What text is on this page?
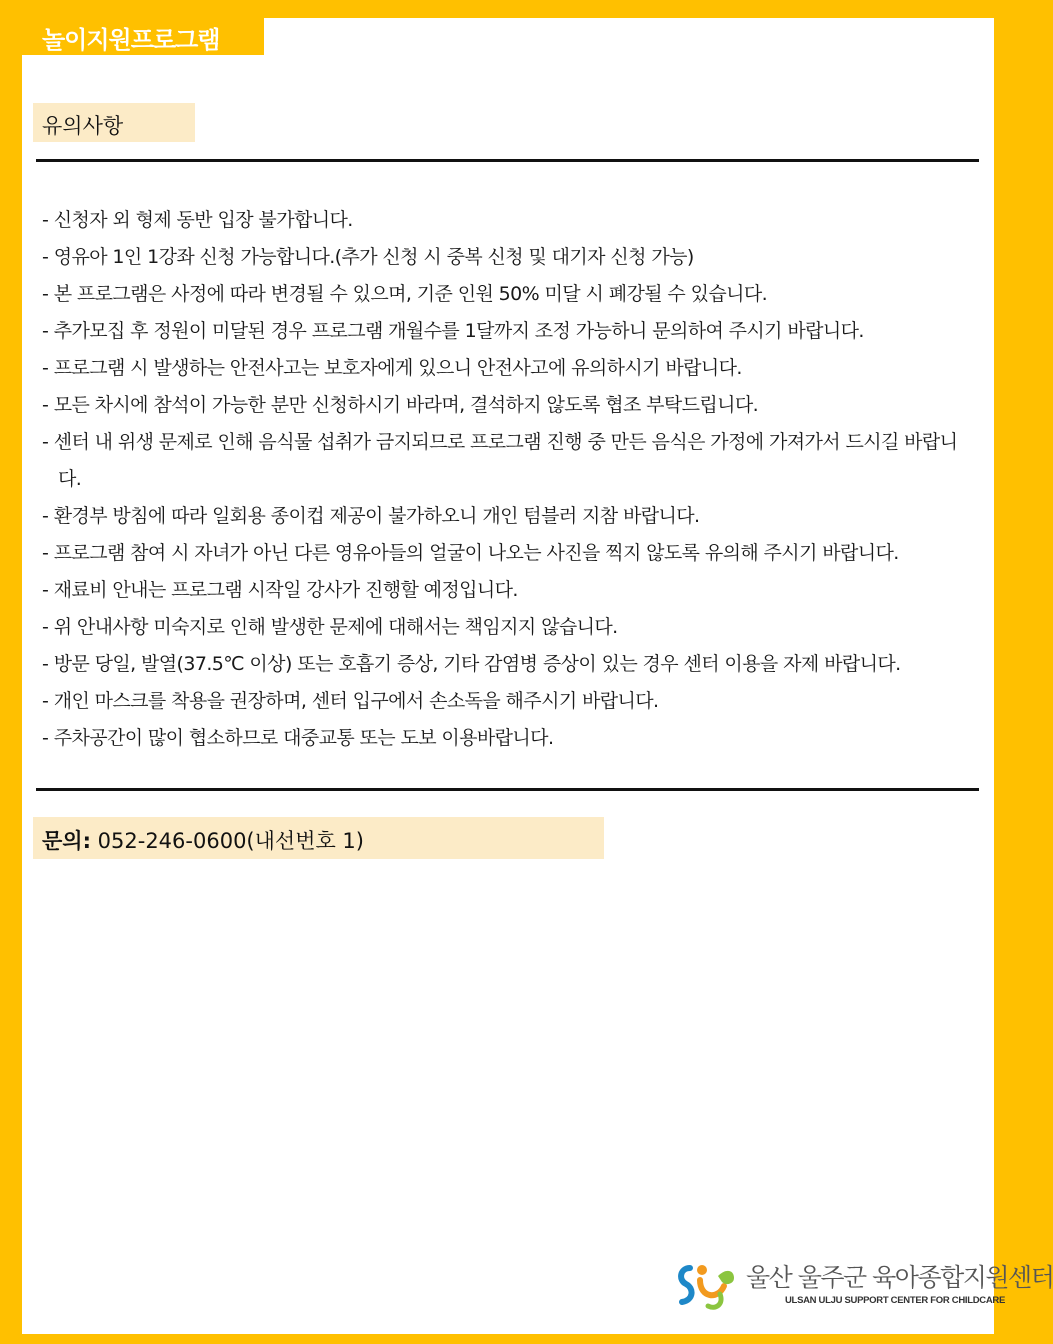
놀이지원프로그램
유의사항
- 신청자 외 형제 동반 입장 불가합니다.
- 영유아 1인 1강좌 신청 가능합니다.(추가 신청 시 중복 신청 및 대기자 신청 가능)
- 본 프로그램은 사정에 따라 변경될 수 있으며, 기준 인원 50% 미달 시 폐강될 수 있습니다.
- 추가모집 후 정원이 미달된 경우 프로그램 개월수를 1달까지 조정 가능하니 문의하여 주시기 바랍니다.
- 프로그램 시 발생하는 안전사고는 보호자에게 있으니 안전사고에 유의하시기 바랍니다.
- 모든 차시에 참석이 가능한 분만 신청하시기 바라며, 결석하지 않도록 협조 부탁드립니다.
- 센터 내 위생 문제로 인해 음식물 섭취가 금지되므로 프로그램 진행 중 만든 음식은 가정에 가져가서 드시길 바랍니다.
- 환경부 방침에 따라 일회용 종이컵 제공이 불가하오니 개인 텀블러 지참 바랍니다.
- 프로그램 참여 시 자녀가 아닌 다른 영유아들의 얼굴이 나오는 사진을 찍지 않도록 유의해 주시기 바랍니다.
- 재료비 안내는 프로그램 시작일 강사가 진행할 예정입니다.
- 위 안내사항 미숙지로 인해 발생한 문제에 대해서는 책임지지 않습니다.
- 방문 당일, 발열(37.5℃ 이상) 또는 호흡기 증상, 기타 감염병 증상이 있는 경우 센터 이용을 자제 바랍니다.
- 개인 마스크를 착용을 권장하며, 센터 입구에서 손소독을 해주시기 바랍니다.
- 주차공간이 많이 협소하므로 대중교통 또는 도보 이용바랍니다.
문의: 052-246-0600(내선번호 1)
울산 울주군 육아종합지원센터
ULSAN ULJU SUPPORT CENTER FOR CHILDCARE
